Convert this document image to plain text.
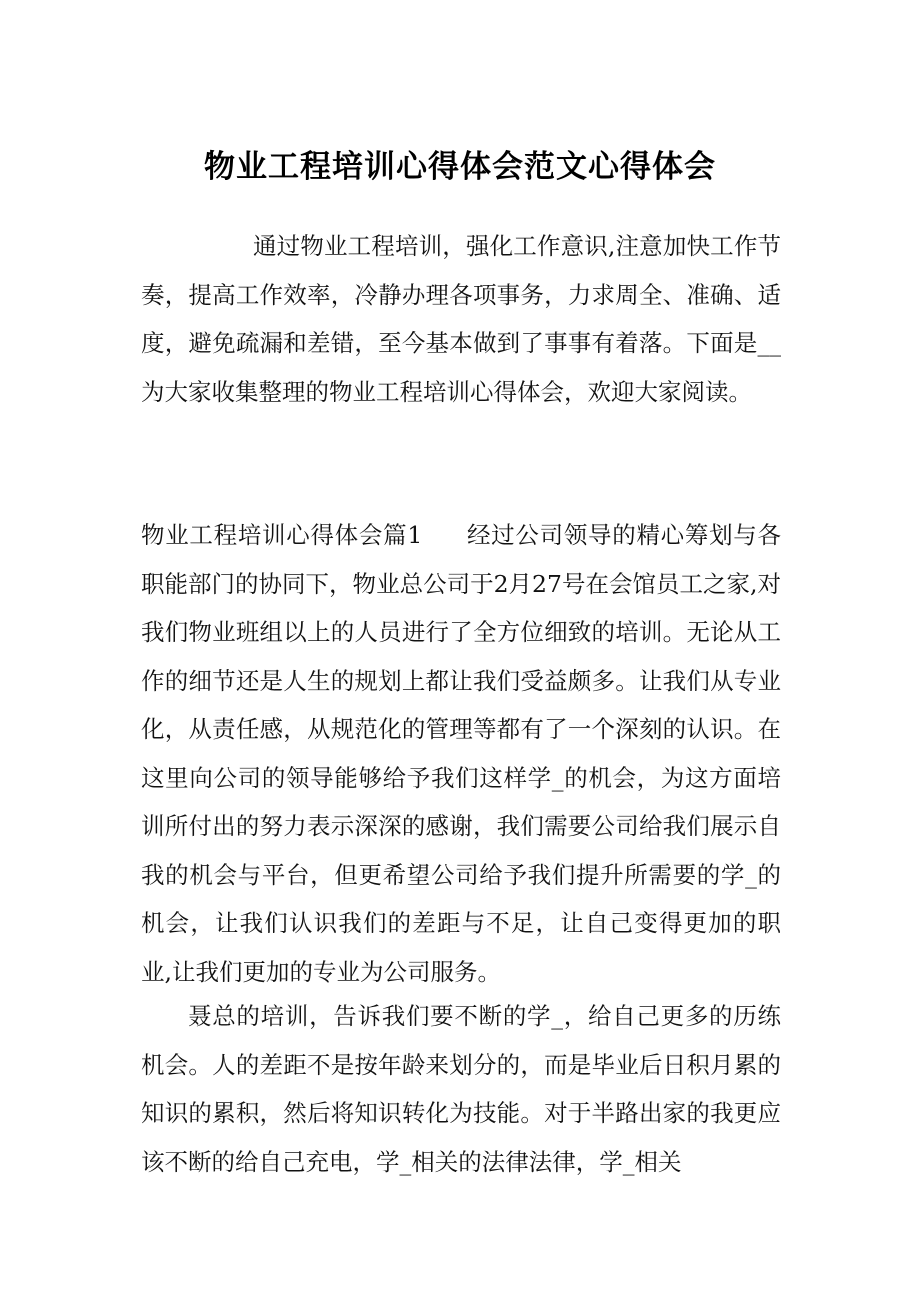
物业工程培训心得体会范文心得体会

通过物业工程培训，强化工作意识,注意加快工作节奏，提高工作效率，冷静办理各项事务，力求周全、准确、适度，避免疏漏和差错，至今基本做到了事事有着落。下面是__为大家收集整理的物业工程培训心得体会，欢迎大家阅读。

物业工程培训心得体会篇1 经过公司领导的精心筹划与各职能部门的协同下，物业总公司于2月27号在会馆员工之家,对我们物业班组以上的人员进行了全方位细致的培训。无论从工作的细节还是人生的规划上都让我们受益颇多。让我们从专业化，从责任感，从规范化的管理等都有了一个深刻的认识。在这里向公司的领导能够给予我们这样学_的机会，为这方面培训所付出的努力表示深深的感谢，我们需要公司给我们展示自我的机会与平台，但更希望公司给予我们提升所需要的学_的机会，让我们认识我们的差距与不足，让自己变得更加的职业,让我们更加的专业为公司服务。

聂总的培训，告诉我们要不断的学_，给自己更多的历练机会。人的差距不是按年龄来划分的，而是毕业后日积月累的知识的累积，然后将知识转化为技能。对于半路出家的我更应该不断的给自己充电，学_相关的法律法律，学_相关
